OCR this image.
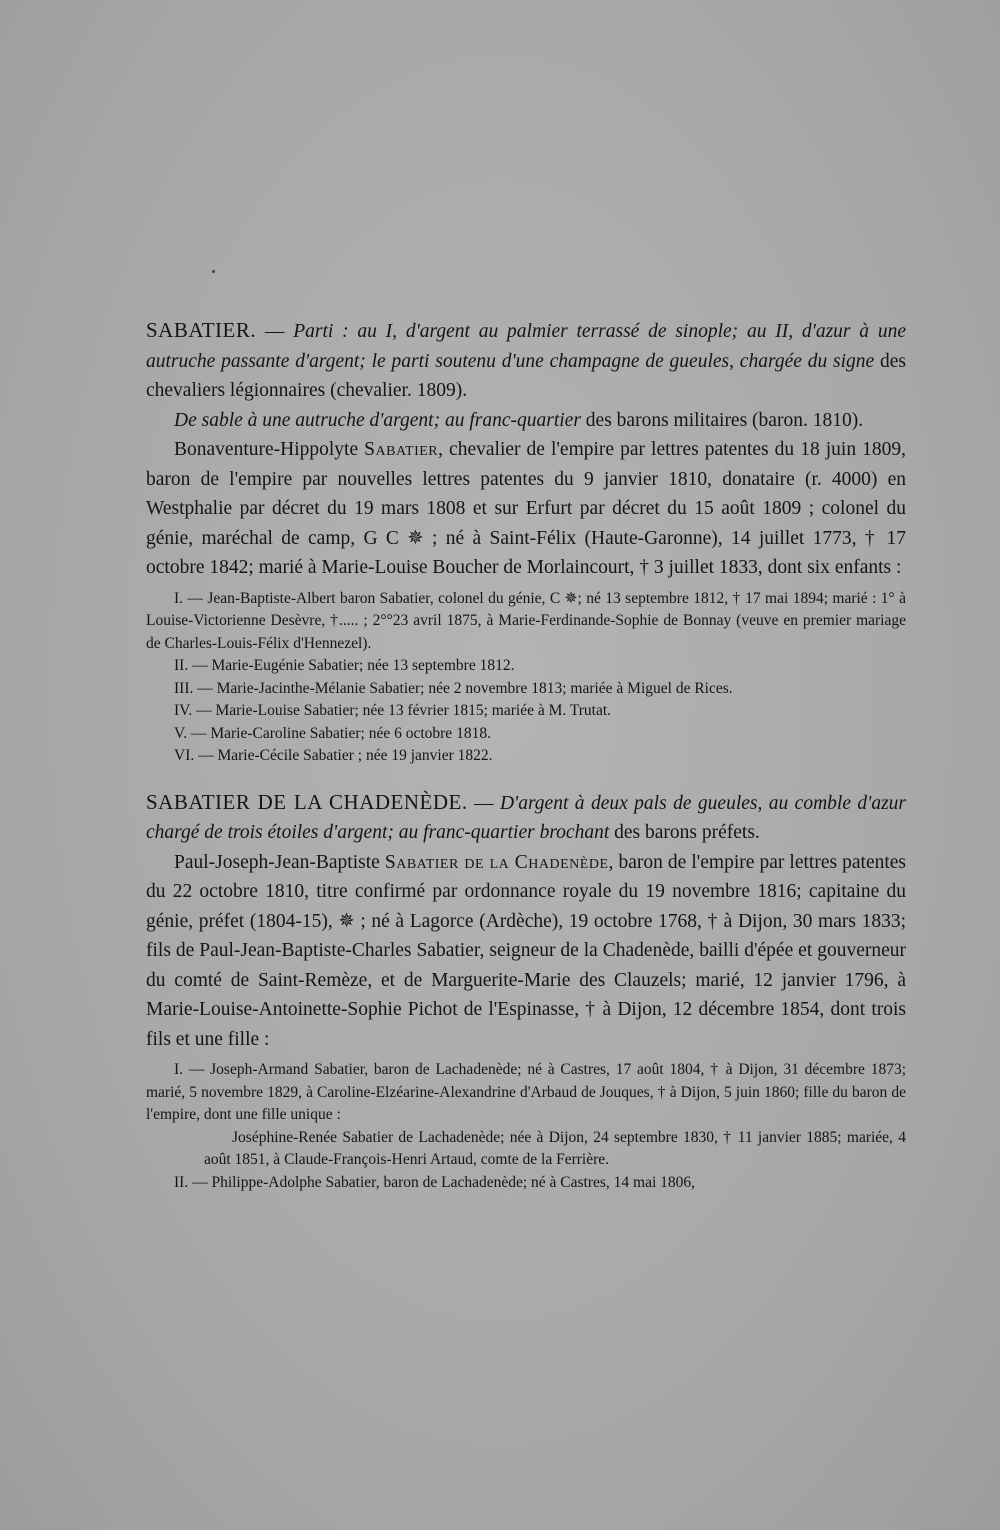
SABATIER. — Parti : au I, d'argent au palmier terrassé de sinople; au II, d'azur à une autruche passante d'argent; le parti soutenu d'une champagne de gueules, chargée du signe des chevaliers légionnaires (chevalier. 1809).

De sable à une autruche d'argent; au franc-quartier des barons militaires (baron. 1810).

Bonaventure-Hippolyte Sabatier, chevalier de l'empire par lettres patentes du 18 juin 1809, baron de l'empire par nouvelles lettres patentes du 9 janvier 1810, donataire (r. 4000) en Westphalie par décret du 19 mars 1808 et sur Erfurt par décret du 15 août 1809 ; colonel du génie, maréchal de camp, G C ✵ ; né à Saint-Félix (Haute-Garonne), 14 juillet 1773, † 17 octobre 1842; marié à Marie-Louise Boucher de Morlaincourt, † 3 juillet 1833, dont six enfants :

I. — Jean-Baptiste-Albert baron Sabatier, colonel du génie, C ✵; né 13 septembre 1812, † 17 mai 1894; marié : 1° à Louise-Victorienne Desèvre, †..... ; 2°°23 avril 1875, à Marie-Ferdinande-Sophie de Bonnay (veuve en premier mariage de Charles-Louis-Félix d'Hennezel).

II. — Marie-Eugénie Sabatier; née 13 septembre 1812.

III. — Marie-Jacinthe-Mélanie Sabatier; née 2 novembre 1813; mariée à Miguel de Rices.

IV. — Marie-Louise Sabatier; née 13 février 1815; mariée à M. Trutat.

V. — Marie-Caroline Sabatier; née 6 octobre 1818.

VI. — Marie-Cécile Sabatier ; née 19 janvier 1822.

SABATIER DE LA CHADENÈDE. — D'argent à deux pals de gueules, au comble d'azur chargé de trois étoiles d'argent; au franc-quartier brochant des barons préfets.

Paul-Joseph-Jean-Baptiste Sabatier de la Chadenède, baron de l'empire par lettres patentes du 22 octobre 1810, titre confirmé par ordonnance royale du 19 novembre 1816; capitaine du génie, préfet (1804-15), ✵ ; né à Lagorce (Ardèche), 19 octobre 1768, † à Dijon, 30 mars 1833; fils de Paul-Jean-Baptiste-Charles Sabatier, seigneur de la Chadenède, bailli d'épée et gouverneur du comté de Saint-Remèze, et de Marguerite-Marie des Clauzels; marié, 12 janvier 1796, à Marie-Louise-Antoinette-Sophie Pichot de l'Espinasse, † à Dijon, 12 décembre 1854, dont trois fils et une fille :

I. — Joseph-Armand Sabatier, baron de Lachadenède; né à Castres, 17 août 1804, † à Dijon, 31 décembre 1873; marié, 5 novembre 1829, à Caroline-Elzéarine-Alexandrine d'Arbaud de Jouques, † à Dijon, 5 juin 1860; fille du baron de l'empire, dont une fille unique :

Joséphine-Renée Sabatier de Lachadenède; née à Dijon, 24 septembre 1830, † 11 janvier 1885; mariée, 4 août 1851, à Claude-François-Henri Artaud, comte de la Ferrière.

II. — Philippe-Adolphe Sabatier, baron de Lachadenède; né à Castres, 14 mai 1806,
